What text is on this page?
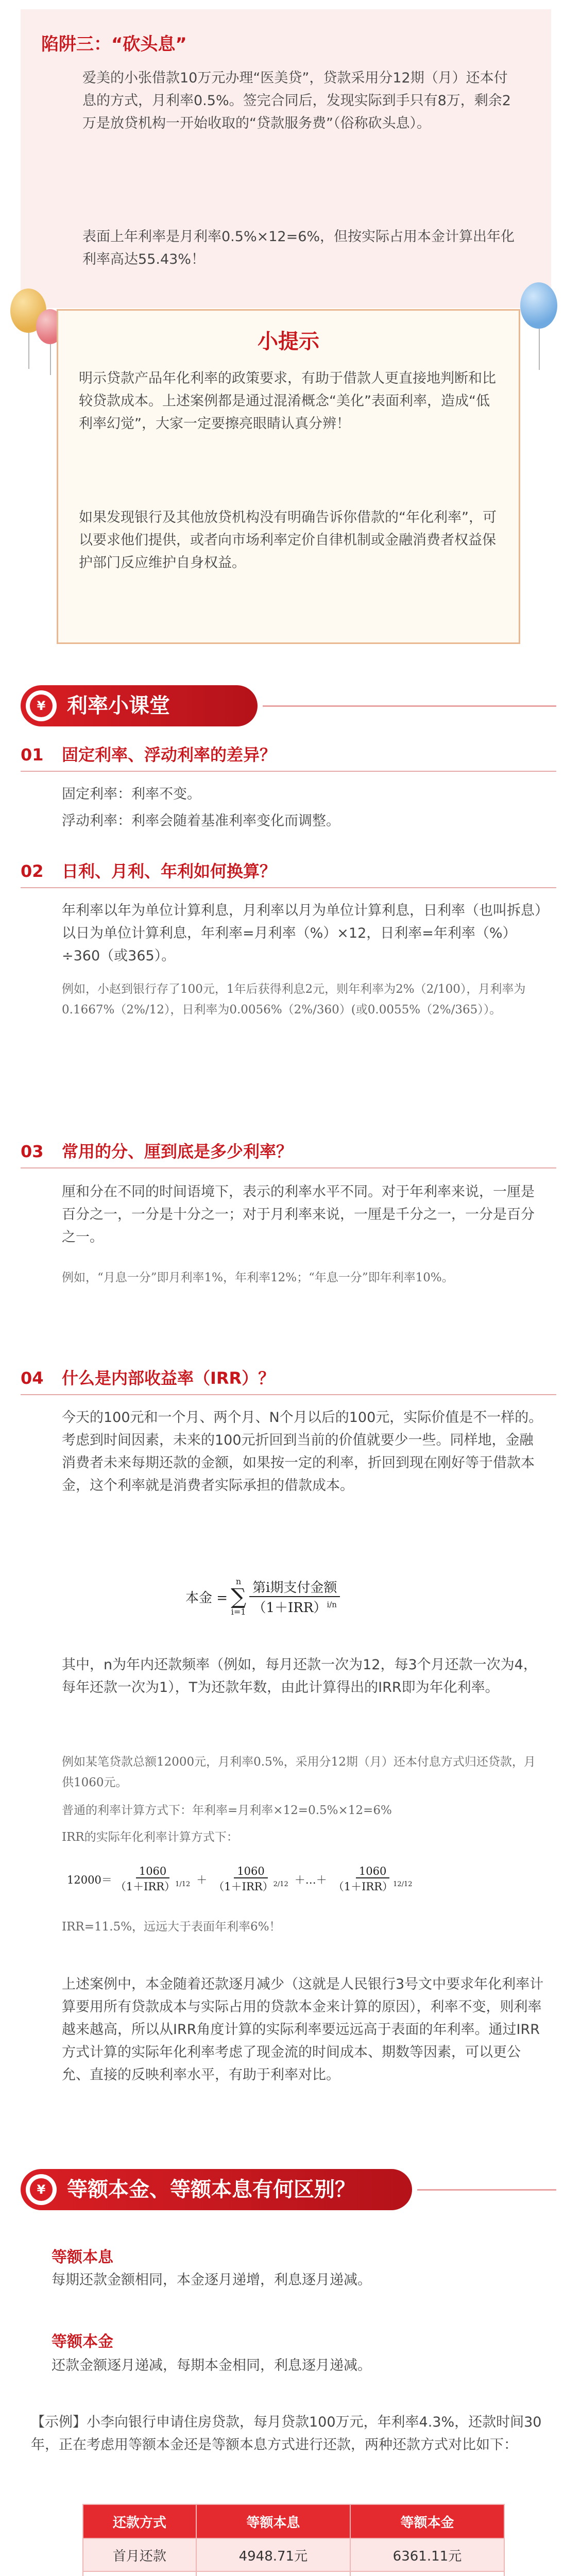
陷阱三：“砍头息”
爱美的小张借款10万元办理“医美贷”，贷款采用分12期（月）还本付息的方式，月利率0.5%。签完合同后，发现实际到手只有8万，剩余2万是放贷机构一开始收取的“贷款服务费”（俗称砍头息）。
表面上年利率是月利率0.5%×12=6%，但按实际占用本金计算出年化利率高达55.43%！
小提示
明示贷款产品年化利率的政策要求，有助于借款人更直接地判断和比较贷款成本。上述案例都是通过混淆概念“美化”表面利率，造成“低利率幻觉”，大家一定要擦亮眼睛认真分辨！
如果发现银行及其他放贷机构没有明确告诉你借款的“年化利率”，可以要求他们提供，或者向市场利率定价自律机制或金融消费者权益保护部门反应维护自身权益。
¥	利率小课堂
01 固定利率、浮动利率的差异？
固定利率：利率不变。
浮动利率：利率会随着基准利率变化而调整。
02 日利、月利、年利如何换算？
年利率以年为单位计算利息，月利率以月为单位计算利息，日利率（也叫拆息）以日为单位计算利息，年利率=月利率（%）×12，日利率=年利率（%）÷360（或365）。
例如，小赵到银行存了100元，1年后获得利息2元，则年利率为2%（2/100），月利率为0.1667%（2%/12），日利率为0.0056%（2%/360）(或0.0055%（2%/365））。
03 常用的分、厘到底是多少利率？
厘和分在不同的时间语境下，表示的利率水平不同。对于年利率来说，一厘是百分之一，一分是十分之一；对于月利率来说，一厘是千分之一，一分是百分之一。
例如，“月息一分”即月利率1%，年利率12%；“年息一分”即年利率10%。
04 什么是内部收益率（IRR）？
今天的100元和一个月、两个月、N个月以后的100元，实际价值是不一样的。考虑到时间因素，未来的100元折回到当前的价值就要少一些。同样地，金融消费者未来每期还款的金额，如果按一定的利率，折回到现在刚好等于借款本金，这个利率就是消费者实际承担的借款成本。
本金 =
n
∑
$i=1 \frac{\text{第i期支付金额}}{(1+IRR)^{i/n}}$
其中，n为年内还款频率（例如，每月还款一次为12，每3个月还款一次为4，每年还款一次为1），T为还款年数，由此计算得出的IRR即为年化利率。
例如某笔贷款总额12000元，月利率0.5%，采用分12期（月）还本付息方式归还贷款，月供1060元。
普通的利率计算方式下：年利率=月利率×12=0.5%×12=6%
IRR的实际年化利率计算方式下：
$12000= \frac{1060}{(1+IRR)^{1/12}} + \frac{1060}{(1+IRR)^{2/12}}$ ＋…＋ $\frac{1060}{(1+IRR)^{12/12}}$
IRR=11.5%，远远大于表面年利率6%！
上述案例中，本金随着还款逐月减少（这就是人民银行3号文中要求年化利率计算要用所有贷款成本与实际占用的贷款本金来计算的原因），利率不变，则利率越来越高，所以从IRR角度计算的实际利率要远远高于表面的年利率。通过IRR方式计算的实际年化利率考虑了现金流的时间成本、期数等因素，可以更公允、直接的反映利率水平，有助于利率对比。
¥	等额本金、等额本息有何区别？
等额本息
每期还款金额相同，本金逐月递增，利息逐月递减。
等额本金
还款金额逐月递减，每期本金相同，利息逐月递减。
【示例】小李向银行申请住房贷款，每月贷款100万元，年利率4.3%，还款时间30年，正在考虑用等额本金还是等额本息方式进行还款，两种还款方式对比如下：
还款方式	等额本息	等额本金
首月还款	4948.71元	6361.11元
